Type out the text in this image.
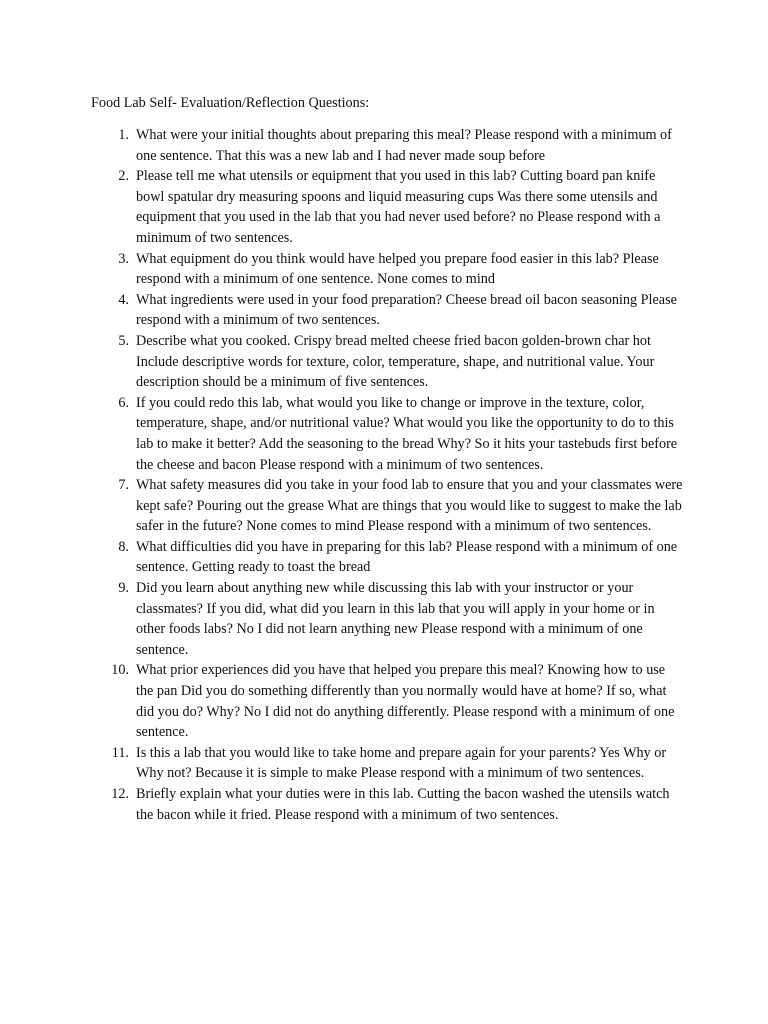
Food Lab Self- Evaluation/Reflection Questions:
1. What were your initial thoughts about preparing this meal? Please respond with a minimum of one sentence. That this was a new lab and I had never made soup before
2. Please tell me what utensils or equipment that you used in this lab? Cutting board pan knife bowl spatular dry measuring spoons and liquid measuring cups Was there some utensils and equipment that you used in the lab that you had never used before? no Please respond with a minimum of two sentences.
3. What equipment do you think would have helped you prepare food easier in this lab? Please respond with a minimum of one sentence. None comes to mind
4. What ingredients were used in your food preparation? Cheese bread oil bacon seasoning Please respond with a minimum of two sentences.
5. Describe what you cooked. Crispy bread melted cheese fried bacon golden-brown char hot Include descriptive words for texture, color, temperature, shape, and nutritional value. Your description should be a minimum of five sentences.
6. If you could redo this lab, what would you like to change or improve in the texture, color, temperature, shape, and/or nutritional value? What would you like the opportunity to do to this lab to make it better? Add the seasoning to the bread Why? So it hits your tastebuds first before the cheese and bacon Please respond with a minimum of two sentences.
7. What safety measures did you take in your food lab to ensure that you and your classmates were kept safe? Pouring out the grease What are things that you would like to suggest to make the lab safer in the future? None comes to mind Please respond with a minimum of two sentences.
8. What difficulties did you have in preparing for this lab? Please respond with a minimum of one sentence. Getting ready to toast the bread
9. Did you learn about anything new while discussing this lab with your instructor or your classmates? If you did, what did you learn in this lab that you will apply in your home or in other foods labs? No I did not learn anything new Please respond with a minimum of one sentence.
10. What prior experiences did you have that helped you prepare this meal? Knowing how to use the pan Did you do something differently than you normally would have at home? If so, what did you do? Why? No I did not do anything differently. Please respond with a minimum of one sentence.
11. Is this a lab that you would like to take home and prepare again for your parents? Yes Why or Why not? Because it is simple to make Please respond with a minimum of two sentences.
12. Briefly explain what your duties were in this lab. Cutting the bacon washed the utensils watch the bacon while it fried. Please respond with a minimum of two sentences.
